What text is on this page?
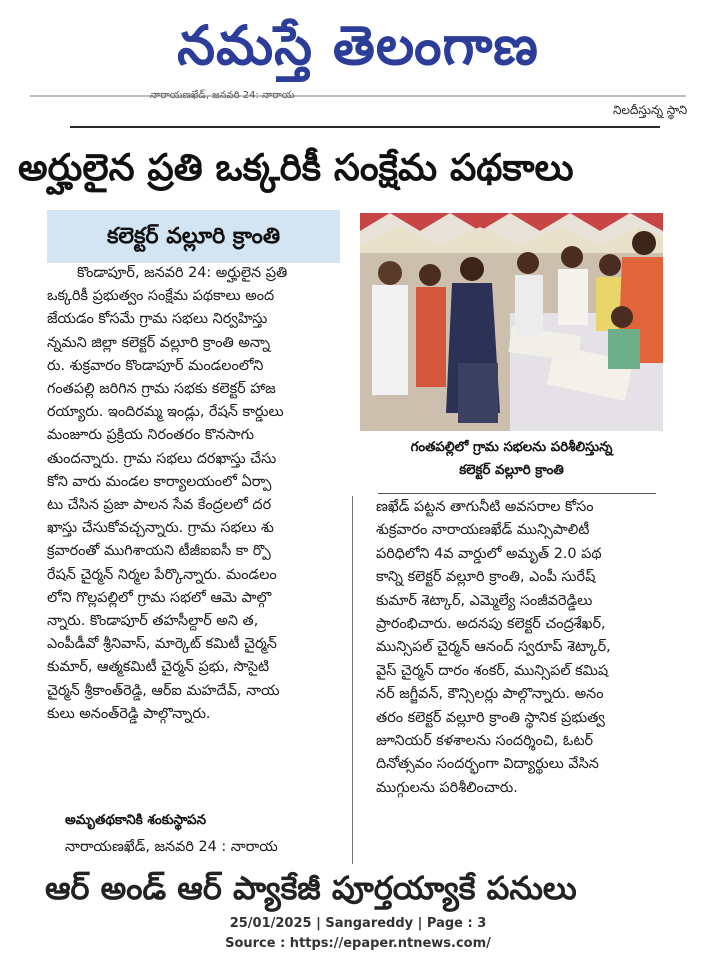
నమస్తే తెలంగాణ
నారాయణఖేడ్, జనవరి 24: నారాయ
నిలదీస్తున్న స్థాని
అర్హులైన ప్రతి ఒక్కరికీ సంక్షేమ పథకాలు
కలెక్టర్ వల్లూరి క్రాంతి

కొండాపూర్, జనవరి 24: అర్హులైన ప్రతి

ఒక్కరికీ ప్రభుత్వం సంక్షేమ పథకాలు అంద

జేయడం కోసమే గ్రామ సభలు నిర్వహిస్తు

న్నమని జిల్లా కలెక్టర్ వల్లూరి క్రాంతి అన్నా

రు. శుక్రవారం కొండాపూర్ మండలంలోని

గంతపల్లి జరిగిన గ్రామ సభకు కలెక్టర్ హాజ

రయ్యారు. ఇందిరమ్మ ఇండ్లు, రేషన్ కార్డులు

మంజూరు ప్రక్రియ నిరంతరం కొనసాగు

తుందన్నారు. గ్రామ సభలు దరఖాస్తు చేసు

కోని వారు మండల కార్యాలయంలో ఏర్పా

టు చేసిన ప్రజా పాలన సేవ కేంద్రలలో దర

ఖాస్తు చేసుకోవచ్చన్నారు. గ్రామ సభలు శు

క్రవారంతో ముగిశాయని టీజీఐఐసీ కా ర్పొ

రేషన్ చైర్మన్ నిర్మల పేర్కొన్నారు. మండలం

లోని గొల్లపల్లిలో గ్రామ సభలో ఆమె పాల్గొ

న్నారు. కొండాపూర్ తహసీల్దార్ అని త,

ఎంపీడీవో శ్రీనివాస్, మార్కెట్ కమిటీ చైర్మన్

కుమార్, ఆత్మకమిటీ చైర్మన్ ప్రభు, సొసైటి

చైర్మన్ శ్రీకాంత్‌రెడ్డి, ఆర్ఐ మహదేవ్, నాయ

కులు అనంత్‌రెడ్డి పాల్గొన్నారు.

అమృతథకానికి శంకుస్థాపన
నారాయణఖేడ్, జనవరి 24 : నారాయ
గంతపల్లిలో గ్రామ సభలను పరిశీలిస్తున్న
కలెక్టర్ వల్లూరి క్రాంతి

ణఖేడ్ పట్టన తాగునీటి అవసరాల కోసం

శుక్రవారం నారాయణఖేడ్ మున్సిపాలిటీ

పరిధిలోని 4వ వార్డులో అమృత్ 2.0 పథ

కాన్ని కలెక్టర్ వల్లూరి క్రాంతి, ఎంపీ సురేష్

కుమార్ శెట్కార్, ఎమ్మెల్యే సంజీవరెడ్డిలు

ప్రారంభిచారు. అదనపు కలెక్టర్ చంద్రశేఖర్,

మున్సిపల్ చైర్మన్ ఆనంద్ స్వరూప్ శెట్కార్,

వైస్ చైర్మన్ దారం శంకర్, మున్సిపల్ కమిష

నర్ జగ్జీవన్, కౌన్సిలర్లు పాల్గొన్నారు. అనం

తరం కలెక్టర్ వల్లూరి క్రాంతి స్థానిక ప్రభుత్వ

జూనియర్ కళశాలను సందర్శించి, ఓటర్

దినోత్సవం సందర్భంగా విద్యార్థులు వేసిన

ముగ్గులను పరిశీలించారు.

ఆర్ అండ్ ఆర్ ప్యాకేజీ పూర్తయ్యాకే పనులు
25/01/2025 | Sangareddy | Page : 3
Source : https://epaper.ntnews.com/
